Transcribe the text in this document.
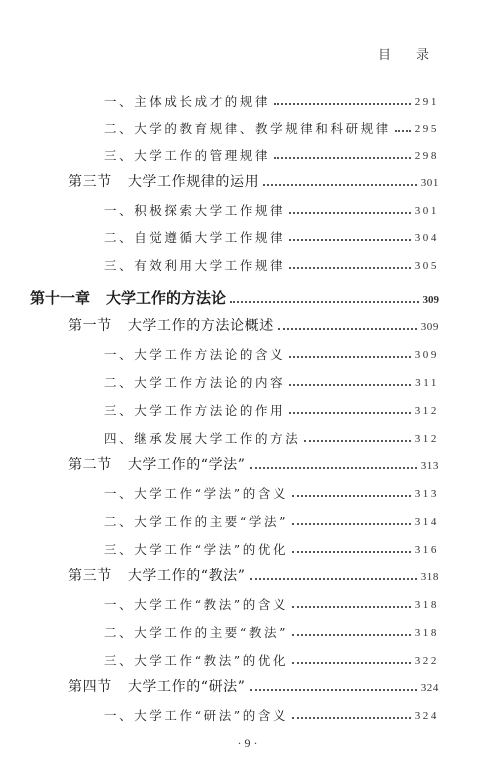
目　录
一、主体成长成才的规律	291
二、大学的教育规律、教学规律和科研规律 295
三、大学工作的管理规律	298
第三节 大学工作规律的运用	301
一、积极探索大学工作规律	301
二、自觉遵循大学工作规律	304
三、有效利用大学工作规律	305
第十一章 大学工作的方法论	309
第一节 大学工作的方法论概述	309
一、大学工作方法论的含义	309
二、大学工作方法论的内容	311
三、大学工作方法论的作用	312
四、继承发展大学工作的方法	312
第二节 大学工作的“学法”	313
一、大学工作“学法”的含义	313
二、大学工作的主要“学法”	314
三、大学工作“学法”的优化	316
第三节 大学工作的“教法”	318
一、大学工作“教法”的含义	318
二、大学工作的主要“教法”	318
三、大学工作“教法”的优化	322
第四节 大学工作的“研法”	324
一、大学工作“研法”的含义	324
· 9 ·
